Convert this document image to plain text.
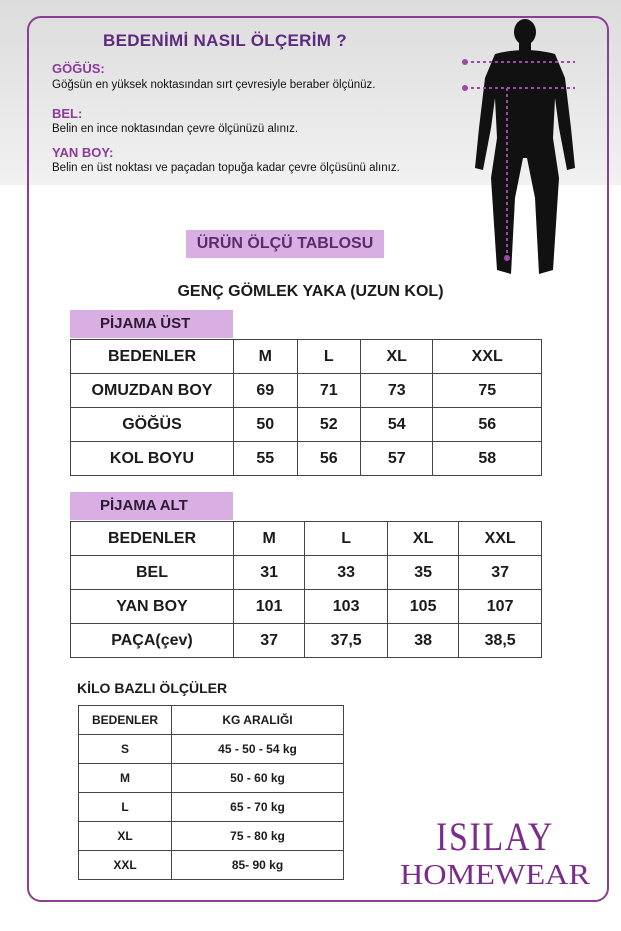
BEDENİMİ NASIL ÖLÇERİM ?
GÖĞÜS:
Göğsün en yüksek noktasından sırt çevresiyle beraber ölçünüz.
BEL:
Belin en ince noktasından çevre ölçünüzü alınız.
YAN BOY:
Belin en üst noktası ve paçadan topuğa kadar çevre ölçüsünü alınız.
ÜRÜN ÖLÇÜ TABLOSU
GENÇ GÖMLEK YAKA (UZUN KOL)
PİJAMA ÜST
BEDENLER	M	L	XL	XXL
OMUZDAN BOY	69	71	73	75
GÖĞÜS	50	52	54	56
KOL BOYU	55	56	57	58
PİJAMA ALT
BEDENLER	M	L	XL	XXL
BEL	31	33	35	37
YAN BOY	101	103	105	107
PAÇA(çev)	37	37,5	38	38,5
KİLO BAZLI ÖLÇÜLER
BEDENLER	KG ARALIĞI
S	45 - 50 - 54 kg
M	50 - 60 kg
L	65 - 70 kg
XL	75 - 80 kg
XXL	85- 90 kg
ISILAY
HOMEWEAR
